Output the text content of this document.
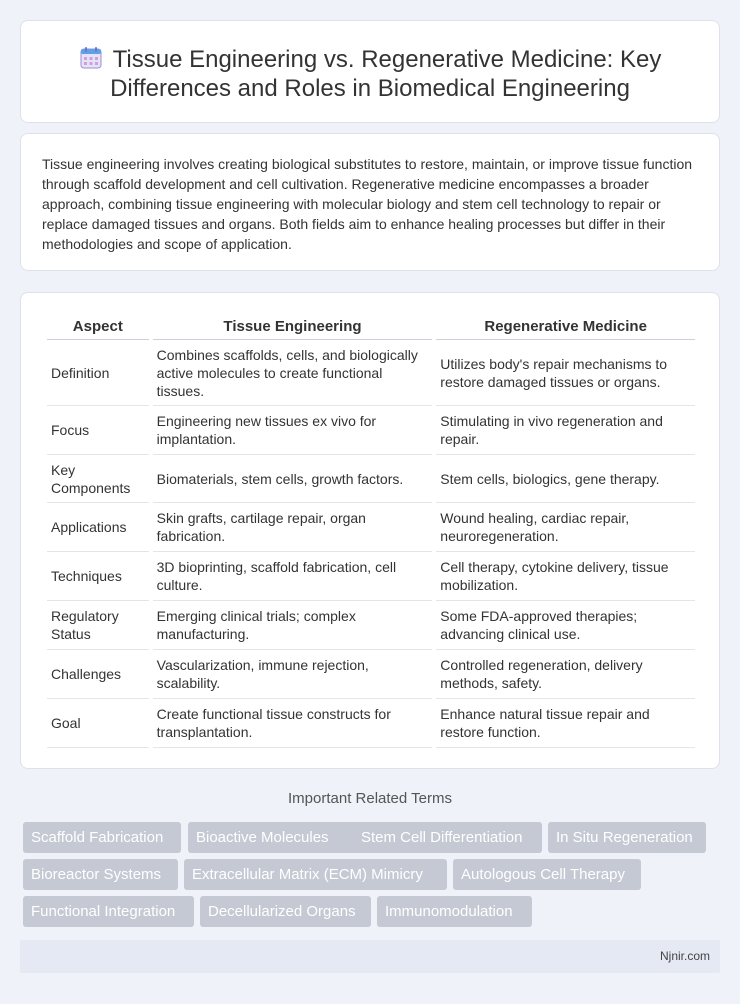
Tissue Engineering vs. Regenerative Medicine: Key
Differences and Roles in Biomedical Engineering

Tissue engineering involves creating biological substitutes to restore, maintain, or improve tissue function through scaffold development and cell cultivation. Regenerative medicine encompasses a broader approach, combining tissue engineering with molecular biology and stem cell technology to repair or replace damaged tissues and organs. Both fields aim to enhance healing processes but differ in their methodologies and scope of application.

Aspect	Tissue Engineering	Regenerative Medicine
Definition	Combines scaffolds, cells, and biologically active molecules to create functional tissues.	Utilizes body's repair mechanisms to restore damaged tissues or organs.
Focus	Engineering new tissues ex vivo for implantation.	Stimulating in vivo regeneration and repair.
Key Components	Biomaterials, stem cells, growth factors.	Stem cells, biologics, gene therapy.
Applications	Skin grafts, cartilage repair, organ fabrication.	Wound healing, cardiac repair, neuroregeneration.
Techniques	3D bioprinting, scaffold fabrication, cell culture.	Cell therapy, cytokine delivery, tissue mobilization.
Regulatory Status	Emerging clinical trials; complex manufacturing.	Some FDA-approved therapies; advancing clinical use.
Challenges	Vascularization, immune rejection, scalability.	Controlled regeneration, delivery methods, safety.
Goal	Create functional tissue constructs for transplantation.	Enhance natural tissue repair and restore function.
Important Related Terms
Scaffold Fabrication	Bioactive Molecules	Stem Cell Differentiation	In Situ Regeneration
Bioreactor Systems	Extracellular Matrix (ECM) Mimicry	Autologous Cell Therapy
Functional Integration	Decellularized Organs	Immunomodulation
Njnir.com
